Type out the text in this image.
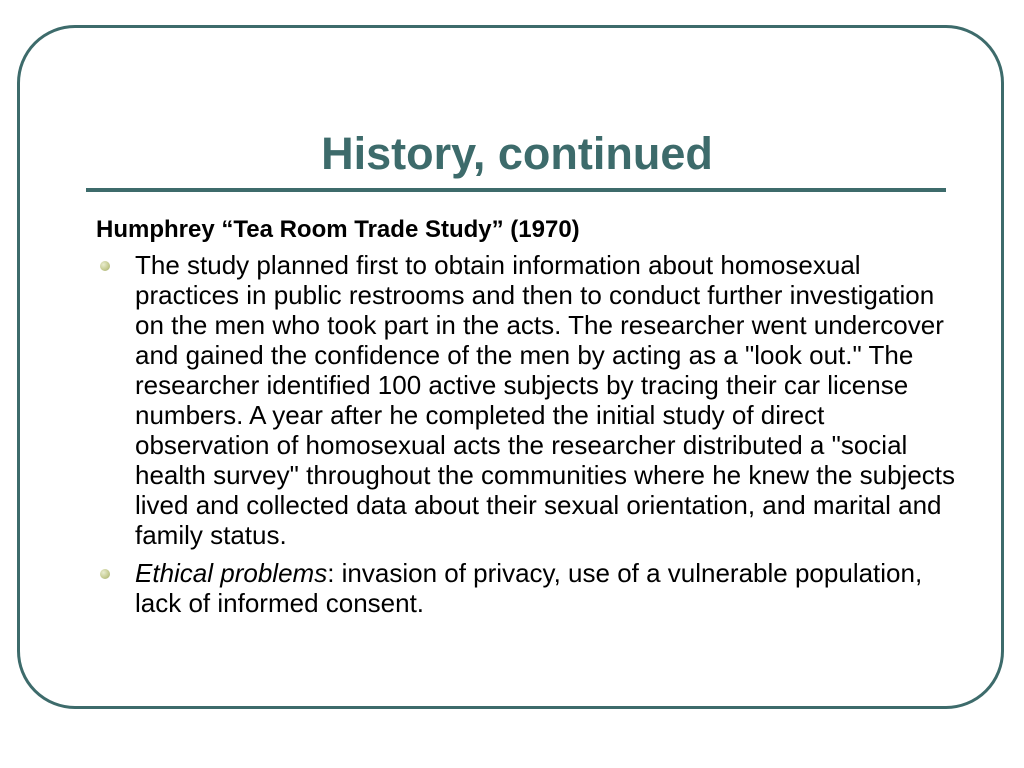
History, continued
Humphrey “Tea Room Trade Study” (1970)
The study planned first to obtain information about homosexual practices in public restrooms and then to conduct further investigation on the men who took part in the acts. The researcher went undercover and gained the confidence of the men by acting as a "look out." The researcher identified 100 active subjects by tracing their car license numbers. A year after he completed the initial study of direct observation of homosexual acts the researcher distributed a "social health survey" throughout the communities where he knew the subjects lived and collected data about their sexual orientation, and marital and family status.
Ethical problems: invasion of privacy, use of a vulnerable population, lack of informed consent.
